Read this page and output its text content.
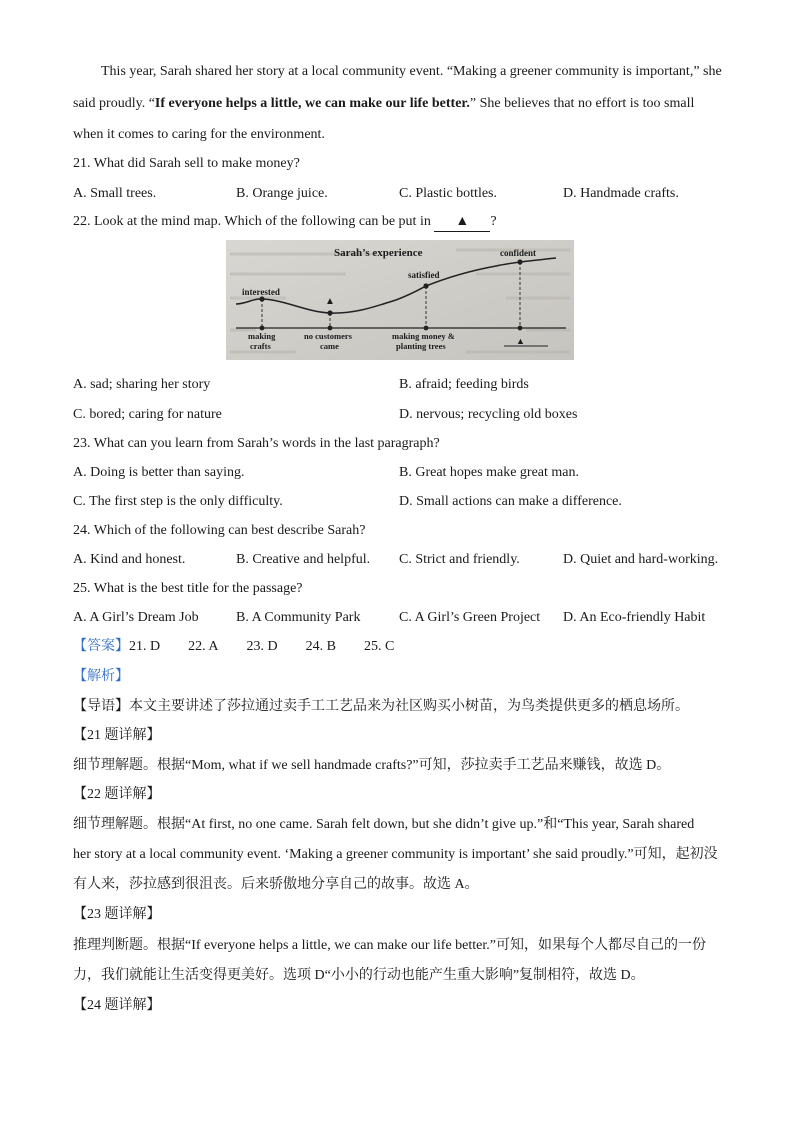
This year, Sarah shared her story at a local community event. “Making a greener community is important,” she
said proudly. “If everyone helps a little, we can make our life better.” She believes that no effort is too small
when it comes to caring for the environment.
21. What did Sarah sell to make money?
A. Small trees.	B. Orange juice.	C. Plastic bottles.	D. Handmade crafts.
22. Look at the mind map. Which of the following can be put in ▲ ?
Sarah’s experience
interested
▲
satisfied
confident
making
crafts
no customers
came
making money &
planting trees	▲
A. sad; sharing her story	B. afraid; feeding birds
C. bored; caring for nature	D. nervous; recycling old boxes
23. What can you learn from Sarah’s words in the last paragraph?
A. Doing is better than saying.	B. Great hopes make great man.
C. The first step is the only difficulty.	D. Small actions can make a difference.
24. Which of the following can best describe Sarah?
A. Kind and honest.	B. Creative and helpful. C. Strict and friendly.	D. Quiet and hard-working.
25. What is the best title for the passage?
A. A Girl’s Dream Job	B. A Community Park	C. A Girl’s Green Project D. An Eco-friendly Habit
【答案】21. D 22. A 23. D 24. B 25. C
【解析】
【导语】本文主要讲述了莎拉通过卖手工工艺品来为社区购买小树苗，为鸟类提供更多的栖息场所。
【21 题详解】
细节理解题。根据“Mom, what if we sell handmade crafts?”可知，莎拉卖手工艺品来赚钱，故选 D。
【22 题详解】
细节理解题。根据“At first, no one came. Sarah felt down, but she didn’t give up.”和“This year, Sarah shared
her story at a local community event. ‘Making a greener community is important’ she said proudly.”可知，起初没
有人来，莎拉感到很沮丧。后来骄傲地分享自己的故事。故选 A。
【23 题详解】
推理判断题。根据“If everyone helps a little, we can make our life better.”可知，如果每个人都尽自己的一份
力，我们就能让生活变得更美好。选项 D“小小的行动也能产生重大影响”复制相符，故选 D。
【24 题详解】
